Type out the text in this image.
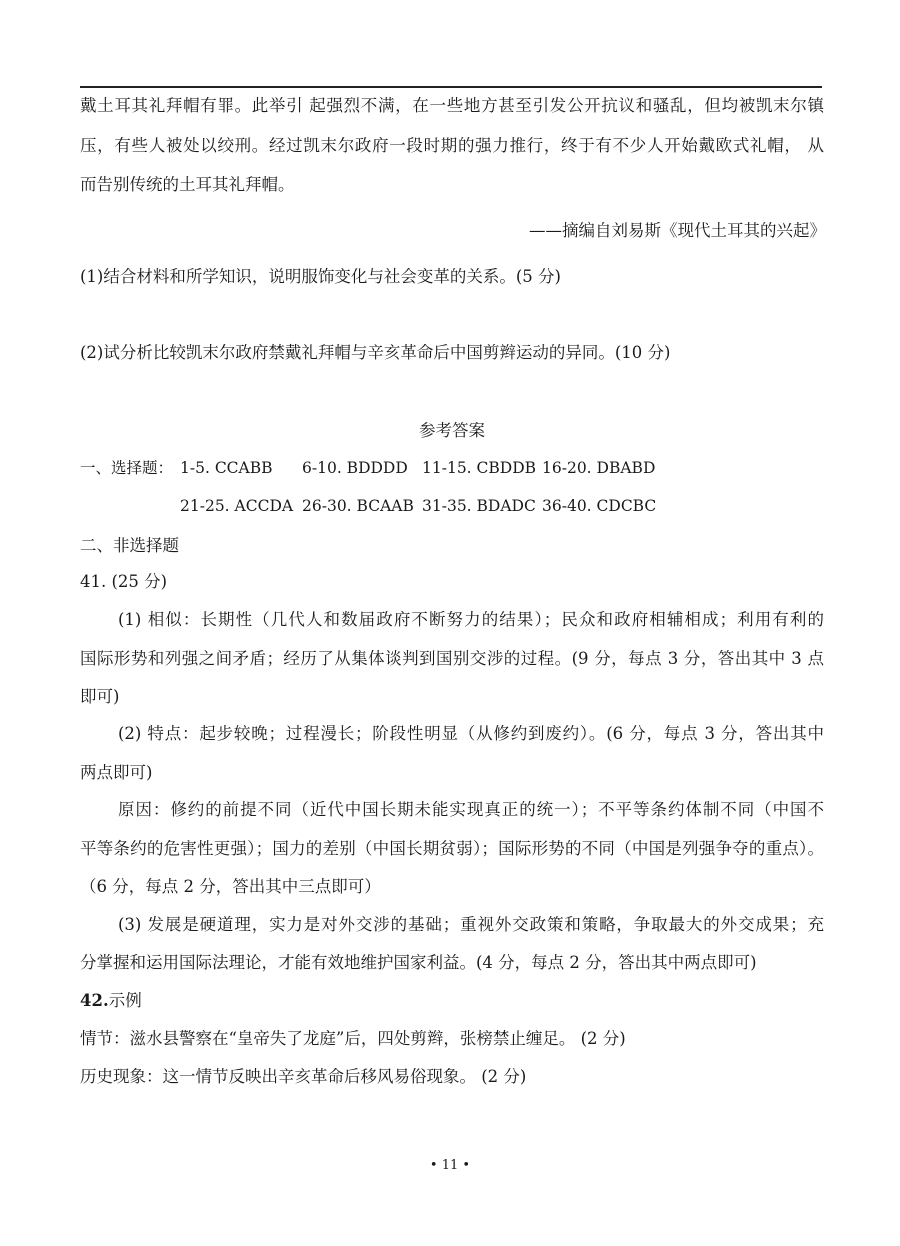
戴土耳其礼拜帽有罪。此举引 起强烈不满，在一些地方甚至引发公开抗议和骚乱，但均被凯末尔镇
压，有些人被处以绞刑。经过凯末尔政府一段时期的强力推行，终于有不少人开始戴欧式礼帽， 从
而告别传统的土耳其礼拜帽。
——摘编自刘易斯《现代土耳其的兴起》
(1)结合材料和所学知识，说明服饰变化与社会变革的关系。(5 分)
(2)试分析比较凯末尔政府禁戴礼拜帽与辛亥革命后中国剪辫运动的异同。(10 分)
参考答案
一、选择题： 1-5. CCABB 6-10. BDDDD 11-15. CBDDB 16-20. DBABD
21-25. ACCDA 26-30. BCAAB 31-35. BDADC 36-40. CDCBC
二、非选择题
41. (25 分)
(1) 相似：长期性（几代人和数届政府不断努力的结果）；民众和政府相辅相成；利用有利的
国际形势和列强之间矛盾；经历了从集体谈判到国别交涉的过程。(9 分，每点 3 分，答出其中 3 点
即可)
(2) 特点：起步较晚；过程漫长；阶段性明显（从修约到废约）。(6 分，每点 3 分，答出其中
两点即可)
原因：修约的前提不同（近代中国长期未能实现真正的统一）；不平等条约体制不同（中国不
平等条约的危害性更强）；国力的差别（中国长期贫弱）；国际形势的不同（中国是列强争夺的重点）。
（6 分，每点 2 分，答出其中三点即可）
(3) 发展是硬道理，实力是对外交涉的基础；重视外交政策和策略，争取最大的外交成果；充
分掌握和运用国际法理论，才能有效地维护国家利益。(4 分，每点 2 分，答出其中两点即可)
42.示例
情节：滋水县警察在“皇帝失了龙庭”后，四处剪辫，张榜禁止缠足。 (2 分)
历史现象：这一情节反映出辛亥革命后移风易俗现象。 (2 分)
• 11 •
